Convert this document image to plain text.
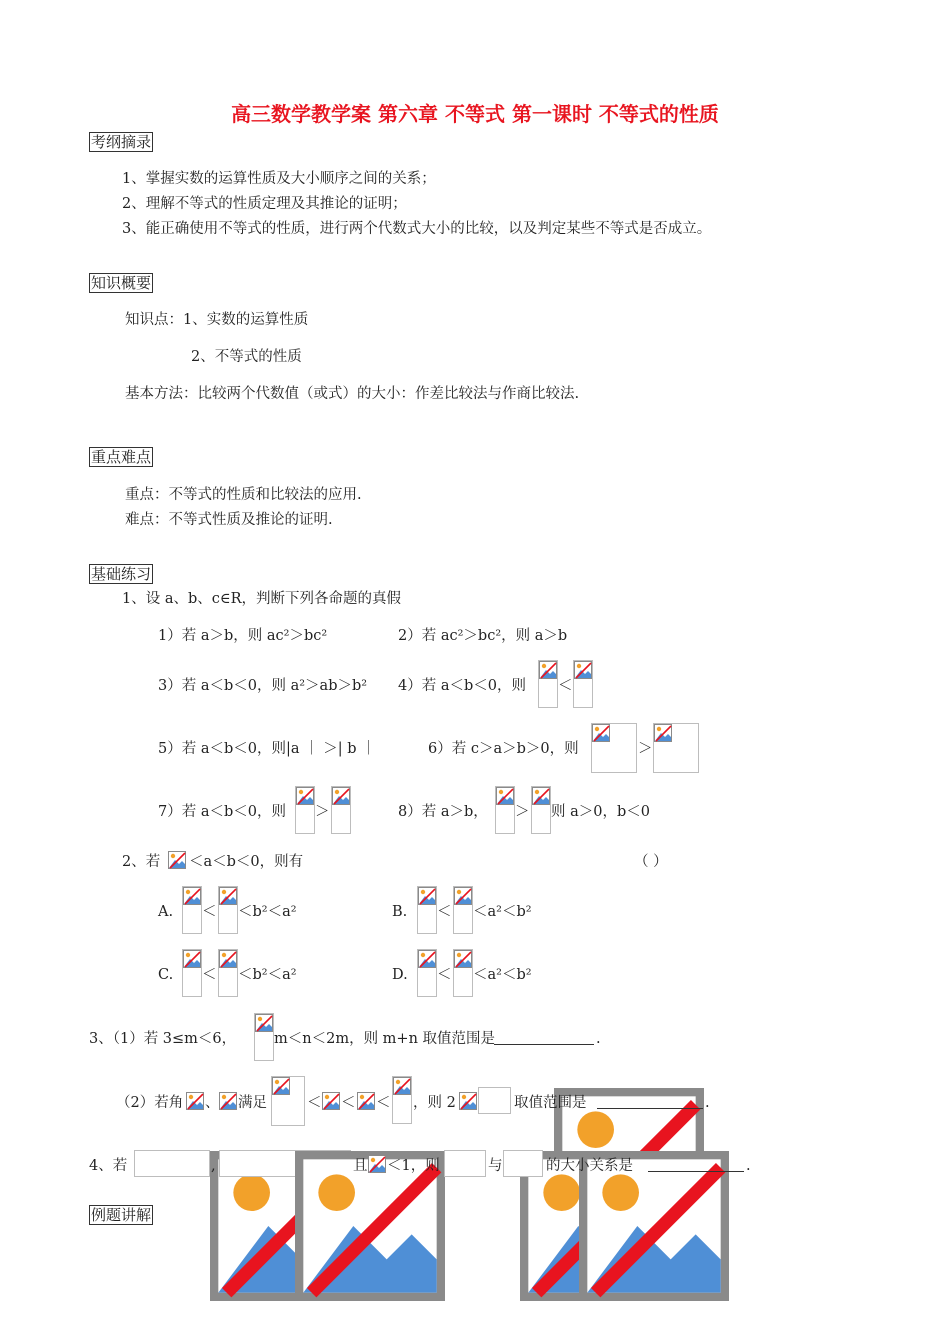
高三数学教学案 第六章 不等式 第一课时 不等式的性质
考纲摘录
1、掌握实数的运算性质及大小顺序之间的关系；
2、理解不等式的性质定理及其推论的证明；
3、能正确使用不等式的性质，进行两个代数式大小的比较，以及判定某些不等式是否成立。
知识概要
知识点：1、实数的运算性质
2、不等式的性质
基本方法：比较两个代数值（或式）的大小：作差比较法与作商比较法.
重点难点
重点：不等式的性质和比较法的应用.
难点：不等式性质及推论的证明.
基础练习
1、设 a、b、c∈R，判断下列各命题的真假
1）若 a＞b，则 ac²＞bc²	2）若 ac²＞bc²，则 a＞b
3）若 a＜b＜0，则 a²＞ab＞b² 4）若 a＜b＜0，则 ＜
5）若 a＜b＜0，则|a ｜ ＞| b ｜	6）若 c＞a＞b＞0，则	＞
7）若 a＜b＜0，则 ＞	8）若 a＞b， ＞ 则 a＞0，b＜0
2、若 ＜a＜b＜0，则有	（ ）
A. ＜ ＜b²＜a²	B. ＜ ＜a²＜b²
C. ＜ ＜b²＜a²	D. ＜ ＜a²＜b²
3、（1）若 3≤m＜6，	m＜n＜2m，则 m+n 取值范围是	.
（2）若角 、 满足	＜ ＜ ＜ ，则 2	取值范围是	.
4、若	,	且 ＜1，则	与	的大小关系是	.
例题讲解
